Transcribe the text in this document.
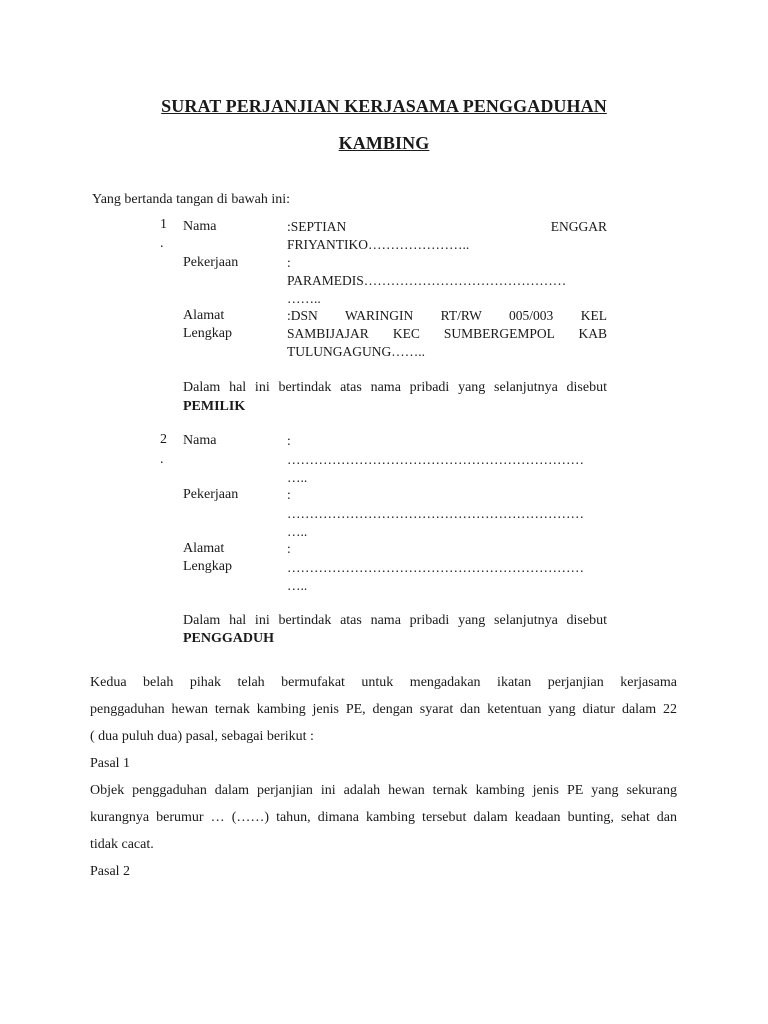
SURAT PERJANJIAN KERJASAMA PENGGADUHAN
KAMBING
Yang bertanda tangan di bawah ini:
1
.
Nama	:SEPTIAN	ENGGAR
FRIYANTIKO…………………..
Pekerjaan	:
PARAMEDIS………………………………………
……..
Alamat
Lengkap
:DSN WARINGIN RT/RW 005/003 KEL
SAMBIJAJAR KEC SUMBERGEMPOL KAB
TULUNGAGUNG……..
Dalam hal ini bertindak atas nama pribadi yang selanjutnya disebut
PEMILIK
2
.
Nama	:
…………………………………………………………
…..
Pekerjaan	:
…………………………………………………………
…..
Alamat
Lengkap
:
…………………………………………………………
…..
Dalam hal ini bertindak atas nama pribadi yang selanjutnya disebut
PENGGADUH
Kedua belah pihak telah bermufakat untuk mengadakan ikatan perjanjian kerjasama
penggaduhan hewan ternak kambing jenis PE, dengan syarat dan ketentuan yang diatur dalam 22
( dua puluh dua) pasal, sebagai berikut :
Pasal 1
Objek penggaduhan dalam perjanjian ini adalah hewan ternak kambing jenis PE yang sekurang
kurangnya berumur … (……) tahun, dimana kambing tersebut dalam keadaan bunting, sehat dan
tidak cacat.
Pasal 2
